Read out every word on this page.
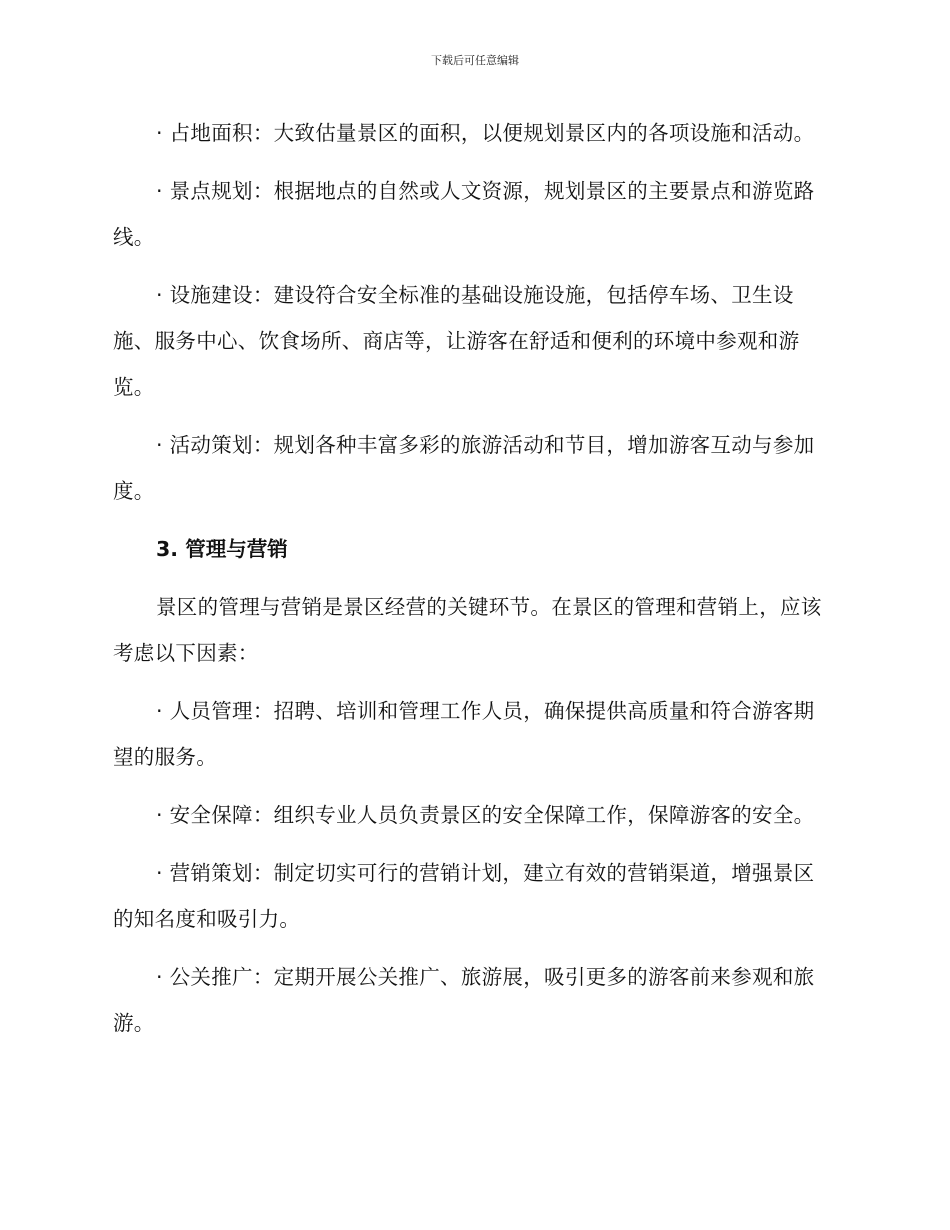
下载后可任意编辑

· 占地面积：大致估量景区的面积，以便规划景区内的各项设施和活动。

· 景点规划：根据地点的自然或人文资源，规划景区的主要景点和游览路线。

· 设施建设：建设符合安全标准的基础设施设施，包括停车场、卫生设施、服务中心、饮食场所、商店等，让游客在舒适和便利的环境中参观和游览。

· 活动策划：规划各种丰富多彩的旅游活动和节目，增加游客互动与参加度。

3. 管理与营销

景区的管理与营销是景区经营的关键环节。在景区的管理和营销上，应该考虑以下因素：

· 人员管理：招聘、培训和管理工作人员，确保提供高质量和符合游客期望的服务。

· 安全保障：组织专业人员负责景区的安全保障工作，保障游客的安全。

· 营销策划：制定切实可行的营销计划，建立有效的营销渠道，增强景区的知名度和吸引力。

· 公关推广：定期开展公关推广、旅游展，吸引更多的游客前来参观和旅游。
